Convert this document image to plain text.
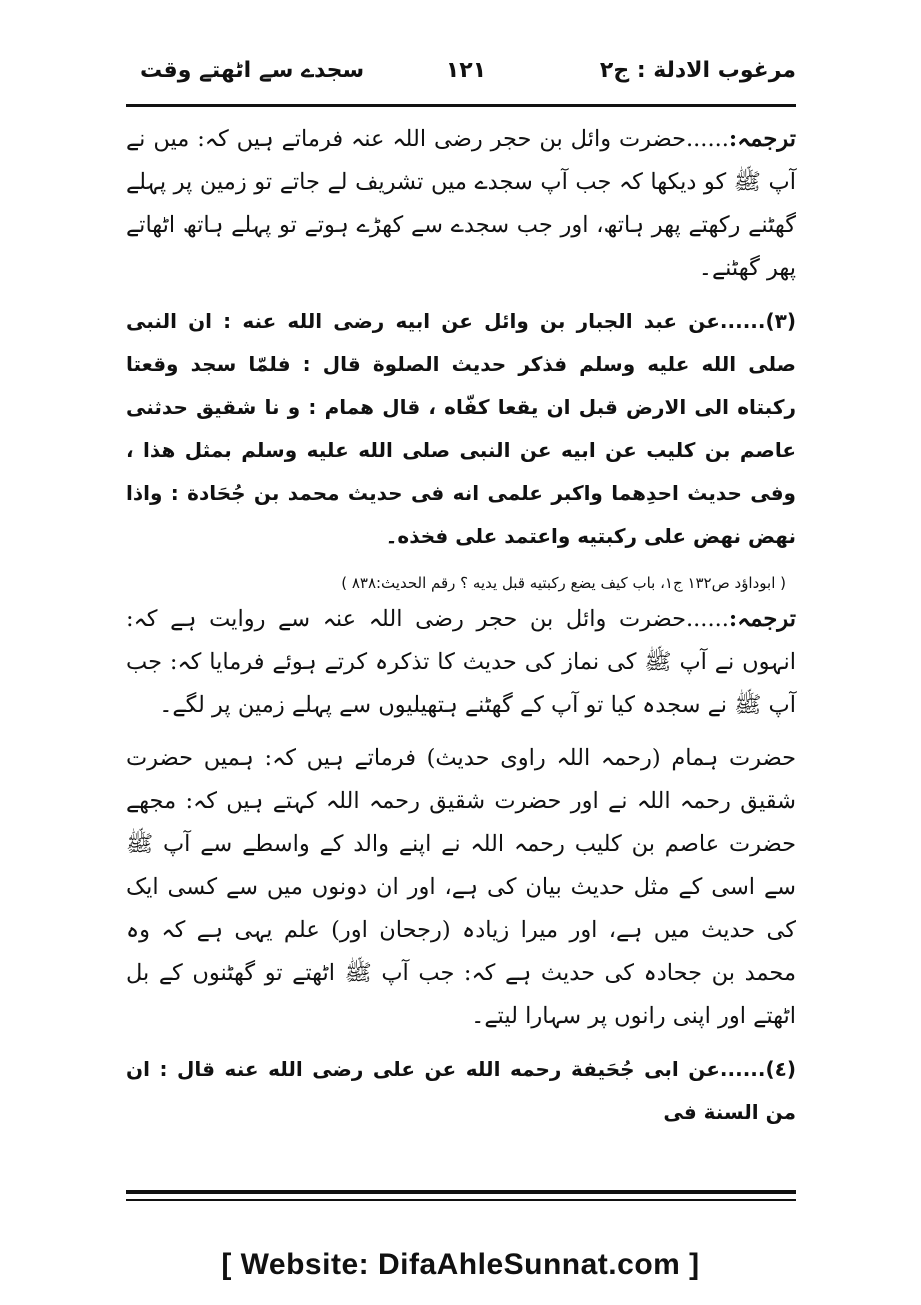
مرغوب الادلة : ج٢
١٢١
سجدے سے اٹھتے وقت

ترجمہ:......حضرت وائل بن حجر رضی اللہ عنہ فرماتے ہیں کہ: میں نے آپ ﷺ کو دیکھا کہ جب آپ سجدے میں تشریف لے جاتے تو زمین پر پہلے گھٹنے رکھتے پھر ہاتھ، اور جب سجدے سے کھڑے ہوتے تو پہلے ہاتھ اٹھاتے پھر گھٹنے۔

(٣)......عن عبد الجبار بن وائل عن ابيه رضى الله عنه : ان النبى صلى الله عليه وسلم فذكر حديث الصلوة قال : فلمّا سجد وقعتا ركبتاه الى الارض قبل ان يقعا كفّاه ، قال همام : و نا شقيق حدثنى عاصم بن كليب عن ابيه عن النبى صلى الله عليه وسلم بمثل هذا ، وفى حديث احدِهما واكبر علمى انه فى حديث محمد بن جُحَادة : واذا نهض نهض على ركبتيه واعتمد على فخذه۔

( ابوداؤد ص١٣٢ ج١، باب كيف يضع ركبتيه قبل يديه ؟ رقم الحديث:٨٣٨ )

ترجمہ:......حضرت وائل بن حجر رضی اللہ عنہ سے روایت ہے کہ: انہوں نے آپ ﷺ کی نماز کی حدیث کا تذکرہ کرتے ہوئے فرمایا کہ: جب آپ ﷺ نے سجدہ کیا تو آپ کے گھٹنے ہتھیلیوں سے پہلے زمین پر لگے۔

حضرت ہمام (رحمہ اللہ راوی حدیث) فرماتے ہیں کہ: ہمیں حضرت شقیق رحمہ اللہ نے اور حضرت شقیق رحمہ اللہ کہتے ہیں کہ: مجھے حضرت عاصم بن کلیب رحمہ اللہ نے اپنے والد کے واسطے سے آپ ﷺ سے اسی کے مثل حدیث بیان کی ہے، اور ان دونوں میں سے کسی ایک کی حدیث میں ہے، اور میرا زیادہ (رجحان اور) علم یہی ہے کہ وہ محمد بن جحادہ کی حدیث ہے کہ: جب آپ ﷺ اٹھتے تو گھٹنوں کے بل اٹھتے اور اپنی رانوں پر سہارا لیتے۔

(٤)......عن ابى جُحَيفة رحمه الله عن على رضى الله عنه قال : ان من السنة فى

[ Website: DifaAhleSunnat.com ]
